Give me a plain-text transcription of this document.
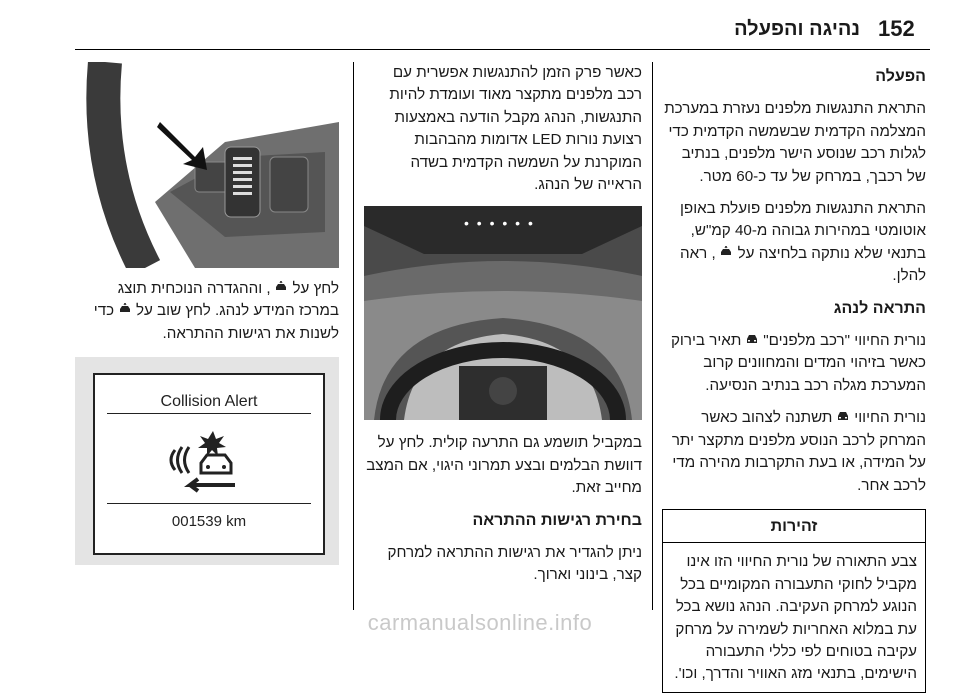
נהיגה והפעלה 152
הפעלה

התראת התנגשות מלפנים נעזרת במערכת המצלמה הקדמית שבשמשה הקדמית כדי לגלות רכב שנוסע הישר מלפנים, בנתיב של רכבך, במרחק של עד כ-60 מטר.

התראת התנגשות מלפנים פועלת באופן אוטומטי במהירות גבוהה מ-40 קמ"ש, בתנאי שלא נותקה בלחיצה על  , ראה להלן.

התראה לנהג

נורית החיווי "רכב מלפנים"  תאיר בירוק כאשר בזיהוי המדים והמחוונים קרוב המערכת מגלה רכב בנתיב הנסיעה.

נורית החיווי  תשתנה לצהוב כאשר המרחק לרכב הנוסע מלפנים מתקצר יתר על המידה, או בעת התקרבות מהירה מדי לרכב אחר.

זהירות
צבע התאורה של נורית החיווי הזו אינו מקביל לחוקי התעבורה המקומיים בכל הנוגע למרחק העקיבה. הנהג נושא בכל עת במלוא האחריות לשמירה על מרחק עקיבה בטוחים לפי כללי התעבורה הישימים, בתנאי מזג האוויר והדרך, וכו'.

כאשר פרק הזמן להתנגשות אפשרית עם רכב מלפנים מתקצר מאוד ועומדת להיות התנגשות, הנהג מקבל הודעה באמצעות רצועת נורות LED אדומות מהבהבות המוקרנת על השמשה הקדמית בשדה הראייה של הנהג.

• • • • • •

במקביל תושמע גם התרעה קולית. לחץ על דוושת הבלמים ובצע תמרוני היגוי, אם המצב מחייב זאת.

בחירת רגישות ההתראה

ניתן להגדיר את רגישות ההתראה למרחק קצר, בינוני וארוך.

לחץ על  , וההגדרה הנוכחית תוצג במרכז המידע לנהג. לחץ שוב על  כדי לשנות את רגישות ההתראה.

Collision Alert
001539 km
carmanualsonline.info
